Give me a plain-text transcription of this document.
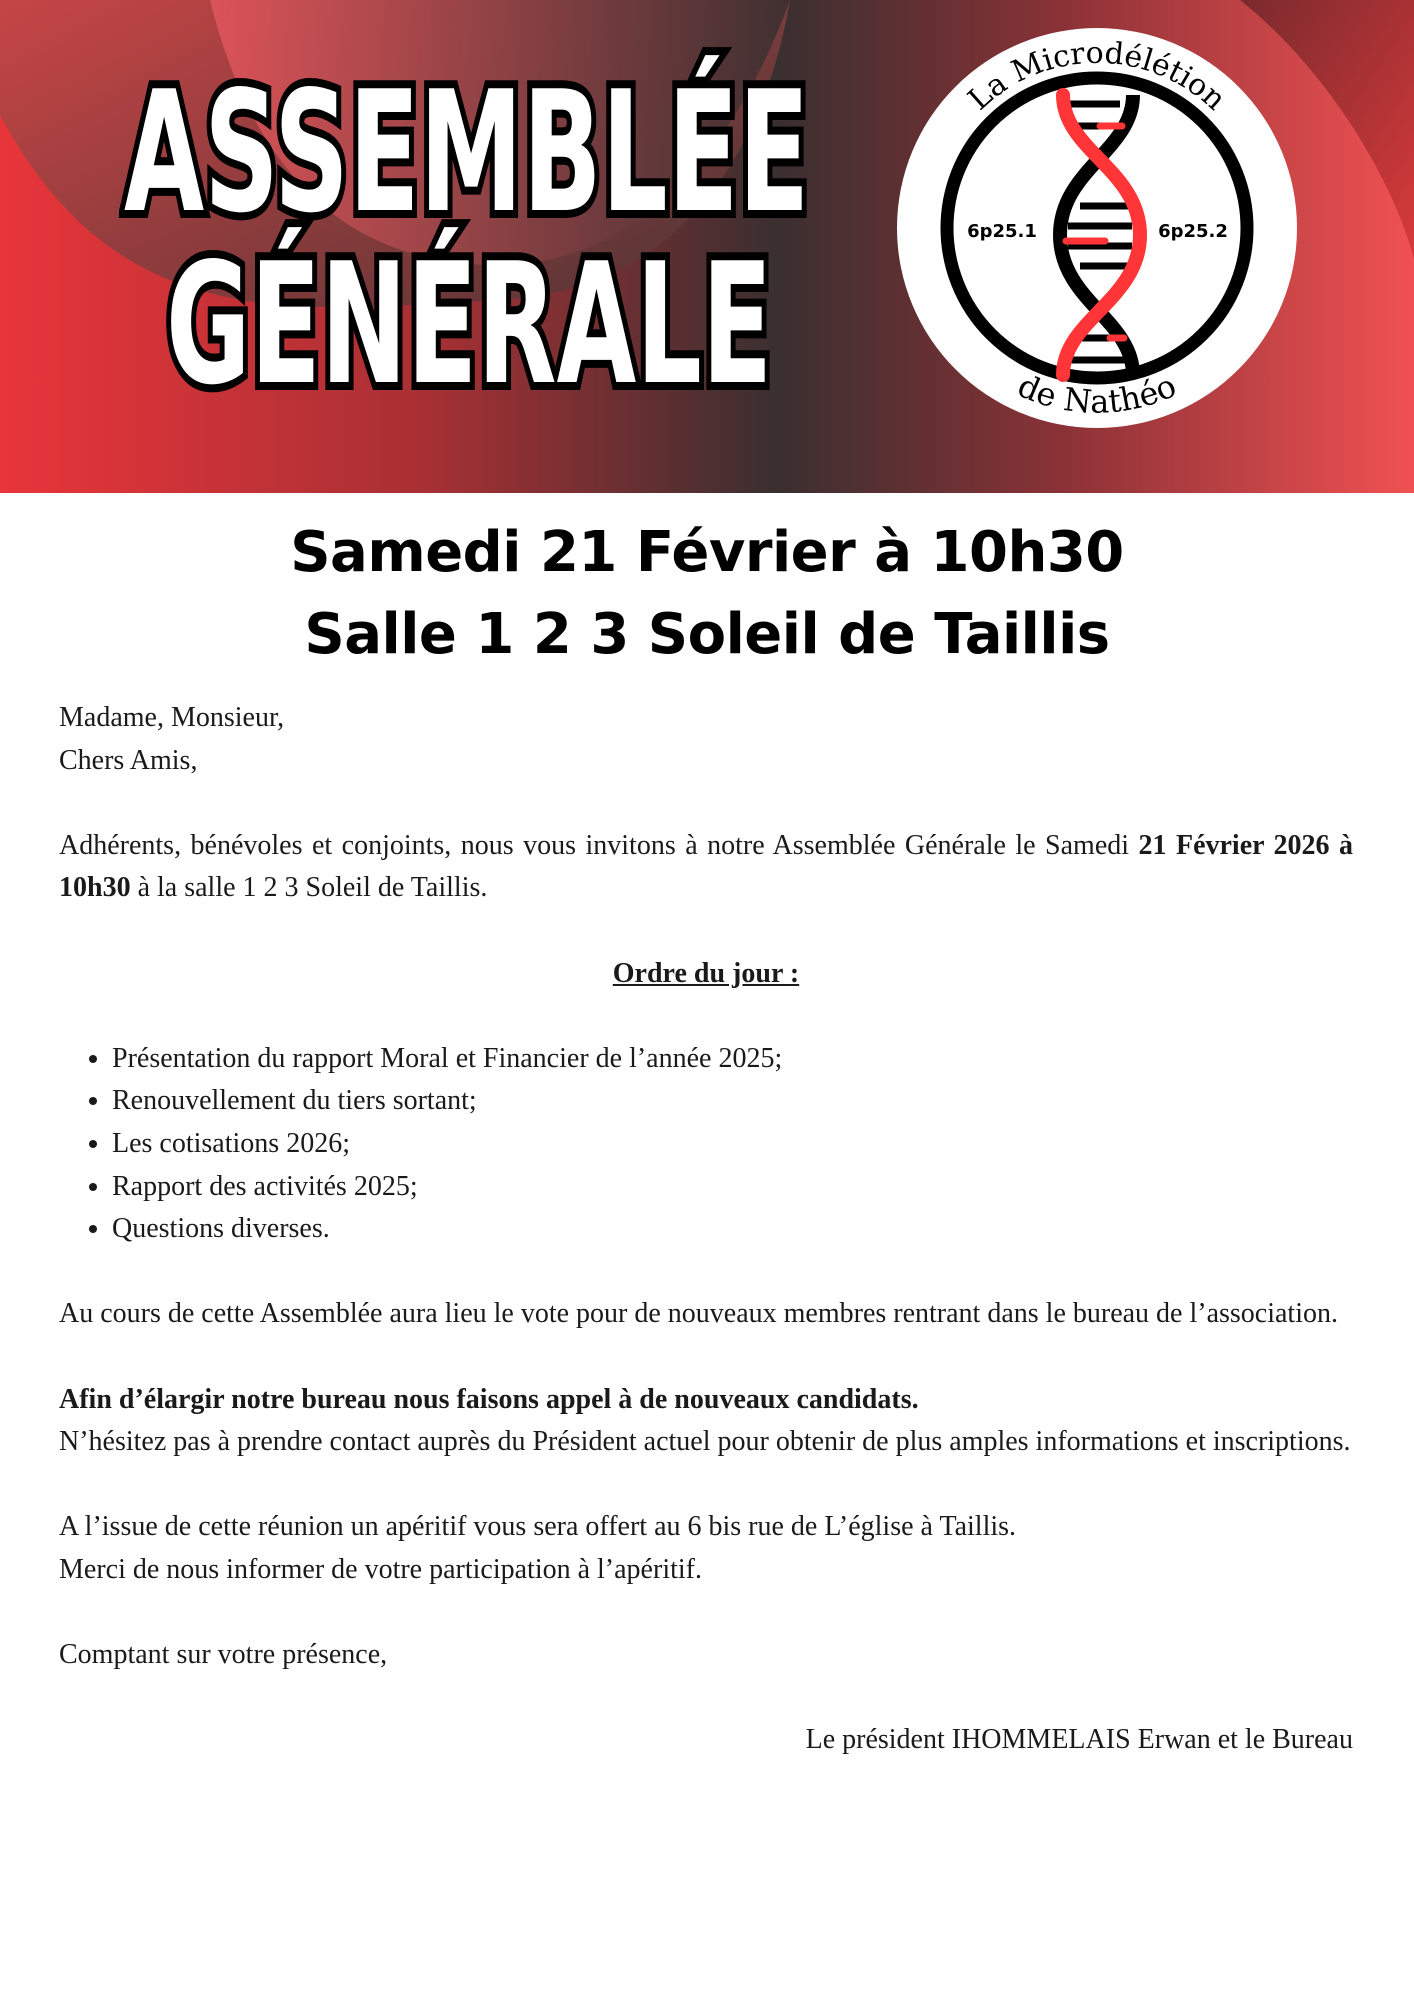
La Microdélétion
de Nathéo
6p25.1	6p25.2
ASSEMBLÉE
GÉNÉRALE
Samedi 21 Février à 10h30
Salle 1 2 3 Soleil de Taillis

Madame, Monsieur,

Chers Amis,

Adhérents, bénévoles et conjoints, nous vous invitons à notre Assemblée Générale le Samedi 21 Février 2026 à 10h30 à la salle 1 2 3 Soleil de Taillis.

Ordre du jour :

• Présentation du rapport Moral et Financier de l’année 2025;
• Renouvellement du tiers sortant;
• Les cotisations 2026;
• Rapport des activités 2025;
• Questions diverses.

Au cours de cette Assemblée aura lieu le vote pour de nouveaux membres rentrant dans le bureau de l’association.

Afin d’élargir notre bureau nous faisons appel à de nouveaux candidats.
N’hésitez pas à prendre contact auprès du Président actuel pour obtenir de plus amples informations et inscriptions.

A l’issue de cette réunion un apéritif vous sera offert au 6 bis rue de L’église à Taillis.
Merci de nous informer de votre participation à l’apéritif.

Comptant sur votre présence,

Le président IHOMMELAIS Erwan et le Bureau
